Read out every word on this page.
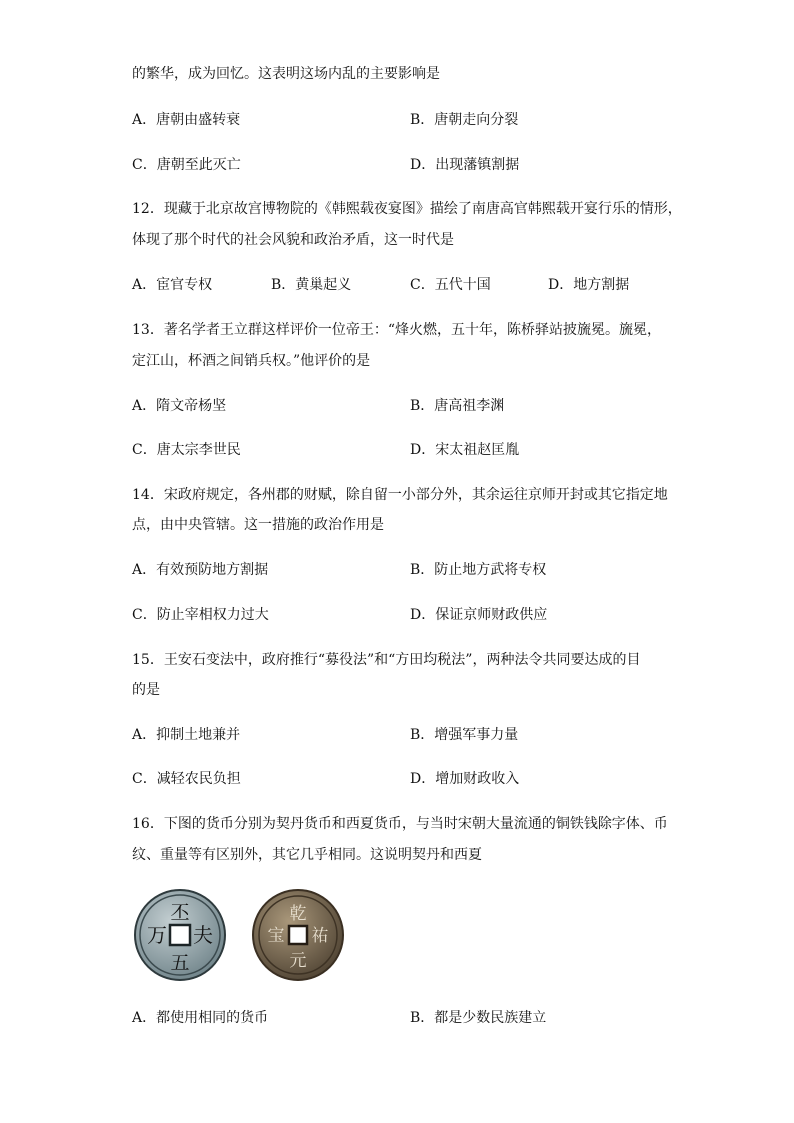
的繁华，成为回忆。这表明这场内乱的主要影响是
A．唐朝由盛转衰	B．唐朝走向分裂
C．唐朝至此灭亡	D．出现藩镇割据
12．现藏于北京故宫博物院的《韩熙载夜宴图》描绘了南唐高官韩熙载开宴行乐的情形，
体现了那个时代的社会风貌和政治矛盾，这一时代是
A．宦官专权	B．黄巢起义	C．五代十国	D．地方割据
13．著名学者王立群这样评价一位帝王：“烽火燃，五十年，陈桥驿站披旒冕。旒冕，
定江山，杯酒之间销兵权。”他评价的是
A．隋文帝杨坚	B．唐高祖李渊
C．唐太宗李世民	D．宋太祖赵匡胤
14．宋政府规定，各州郡的财赋，除自留一小部分外，其余运往京师开封或其它指定地
点，由中央管辖。这一措施的政治作用是
A．有效预防地方割据	B．防止地方武将专权
C．防止宰相权力过大	D．保证京师财政供应
15．王安石变法中，政府推行“募役法”和“方田均税法”，两种法令共同要达成的目
的是
A．抑制土地兼并	B．增强军事力量
C．减轻农民负担	D．增加财政收入
16．下图的货币分别为契丹货币和西夏货币，与当时宋朝大量流通的铜铁钱除字体、币
纹、重量等有区别外，其它几乎相同。这说明契丹和西夏
丕
夫
五
万
乾
祐
元
宝
A．都使用相同的货币	B．都是少数民族建立
